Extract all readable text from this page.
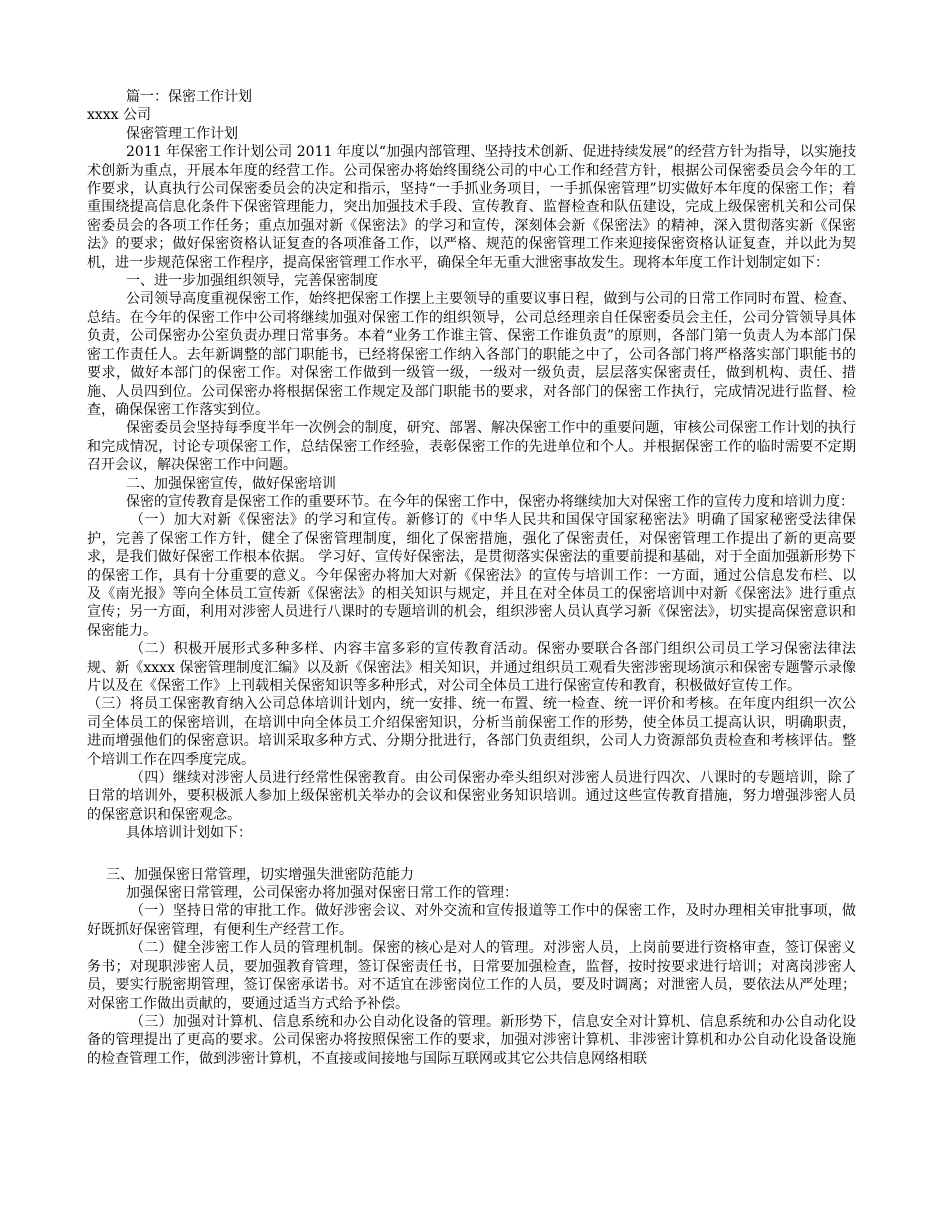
篇一：保密工作计划

xxxx 公司

保密管理工作计划

2011 年保密工作计划公司 2011 年度以“加强内部管理、坚持技术创新、促进持续发展”的经营方针为指导，以实施技术创新为重点，开展本年度的经营工作。公司保密办将始终围绕公司的中心工作和经营方针，根据公司保密委员会今年的工作要求，认真执行公司保密委员会的决定和指示，坚持“一手抓业务项目，一手抓保密管理”切实做好本年度的保密工作；着重围绕提高信息化条件下保密管理能力，突出加强技术手段、宣传教育、监督检查和队伍建设，完成上级保密机关和公司保密委员会的各项工作任务；重点加强对新《保密法》的学习和宣传，深刻体会新《保密法》的精神，深入贯彻落实新《保密法》的要求；做好保密资格认证复查的各项准备工作，以严格、规范的保密管理工作来迎接保密资格认证复查，并以此为契机，进一步规范保密工作程序，提高保密管理工作水平，确保全年无重大泄密事故发生。现将本年度工作计划制定如下：

一、进一步加强组织领导，完善保密制度

公司领导高度重视保密工作，始终把保密工作摆上主要领导的重要议事日程，做到与公司的日常工作同时布置、检查、总结。在今年的保密工作中公司将继续加强对保密工作的组织领导，公司总经理亲自任保密委员会主任，公司分管领导具体负责，公司保密办公室负责办理日常事务。本着“业务工作谁主管、保密工作谁负责”的原则，各部门第一负责人为本部门保密工作责任人。去年新调整的部门职能书，已经将保密工作纳入各部门的职能之中了，公司各部门将严格落实部门职能书的要求，做好本部门的保密工作。对保密工作做到一级管一级，一级对一级负责，层层落实保密责任，做到机构、责任、措施、人员四到位。公司保密办将根据保密工作规定及部门职能书的要求，对各部门的保密工作执行，完成情况进行监督、检查，确保保密工作落实到位。

保密委员会坚持每季度半年一次例会的制度，研究、部署、解决保密工作中的重要问题，审核公司保密工作计划的执行和完成情况，讨论专项保密工作，总结保密工作经验，表彰保密工作的先进单位和个人。并根据保密工作的临时需要不定期召开会议，解决保密工作中问题。

二、加强保密宣传，做好保密培训

保密的宣传教育是保密工作的重要环节。在今年的保密工作中，保密办将继续加大对保密工作的宣传力度和培训力度：

（一）加大对新《保密法》的学习和宣传。新修订的《中华人民共和国保守国家秘密法》明确了国家秘密受法律保护，完善了保密工作方针，健全了保密管理制度，细化了保密措施，强化了保密责任，对保密管理工作提出了新的更高要求，是我们做好保密工作根本依据。 学习好、宣传好保密法，是贯彻落实保密法的重要前提和基础，对于全面加强新形势下的保密工作，具有十分重要的意义。今年保密办将加大对新《保密法》的宣传与培训工作：一方面，通过公信息发布栏、以及《南光报》等向全体员工宣传新《保密法》的相关知识与规定，并且在对全体员工的保密培训中对新《保密法》进行重点宣传；另一方面，利用对涉密人员进行八课时的专题培训的机会，组织涉密人员认真学习新《保密法》，切实提高保密意识和保密能力。

（二）积极开展形式多种多样、内容丰富多彩的宣传教育活动。保密办要联合各部门组织公司员工学习保密法律法规、新《xxxx 保密管理制度汇编》以及新《保密法》相关知识，并通过组织员工观看失密涉密现场演示和保密专题警示录像片以及在《保密工作》上刊载相关保密知识等多种形式，对公司全体员工进行保密宣传和教育，积极做好宣传工作。

（三）将员工保密教育纳入公司总体培训计划内，统一安排、统一布置、统一检查、统一评价和考核。在年度内组织一次公司全体员工的保密培训，在培训中向全体员工介绍保密知识，分析当前保密工作的形势，使全体员工提高认识，明确职责，进而增强他们的保密意识。培训采取多种方式、分期分批进行，各部门负责组织，公司人力资源部负责检查和考核评估。整个培训工作在四季度完成。

（四）继续对涉密人员进行经常性保密教育。由公司保密办牵头组织对涉密人员进行四次、八课时的专题培训，除了日常的培训外，要积极派人参加上级保密机关举办的会议和保密业务知识培训。通过这些宣传教育措施，努力增强涉密人员的保密意识和保密观念。

具体培训计划如下：

三、加强保密日常管理，切实增强失泄密防范能力

加强保密日常管理，公司保密办将加强对保密日常工作的管理：

（一）坚持日常的审批工作。做好涉密会议、对外交流和宣传报道等工作中的保密工作，及时办理相关审批事项，做好既抓好保密管理，有便利生产经营工作。

（二）健全涉密工作人员的管理机制。保密的核心是对人的管理。对涉密人员，上岗前要进行资格审查，签订保密义务书；对现职涉密人员，要加强教育管理，签订保密责任书，日常要加强检查，监督，按时按要求进行培训；对离岗涉密人员，要实行脱密期管理，签订保密承诺书。对不适宜在涉密岗位工作的人员，要及时调离；对泄密人员，要依法从严处理；对保密工作做出贡献的，要通过适当方式给予补偿。

（三）加强对计算机、信息系统和办公自动化设备的管理。新形势下，信息安全对计算机、信息系统和办公自动化设备的管理提出了更高的要求。公司保密办将按照保密工作的要求，加强对涉密计算机、非涉密计算机和办公自动化设备设施的检查管理工作，做到涉密计算机，不直接或间接地与国际互联网或其它公共信息网络相联
